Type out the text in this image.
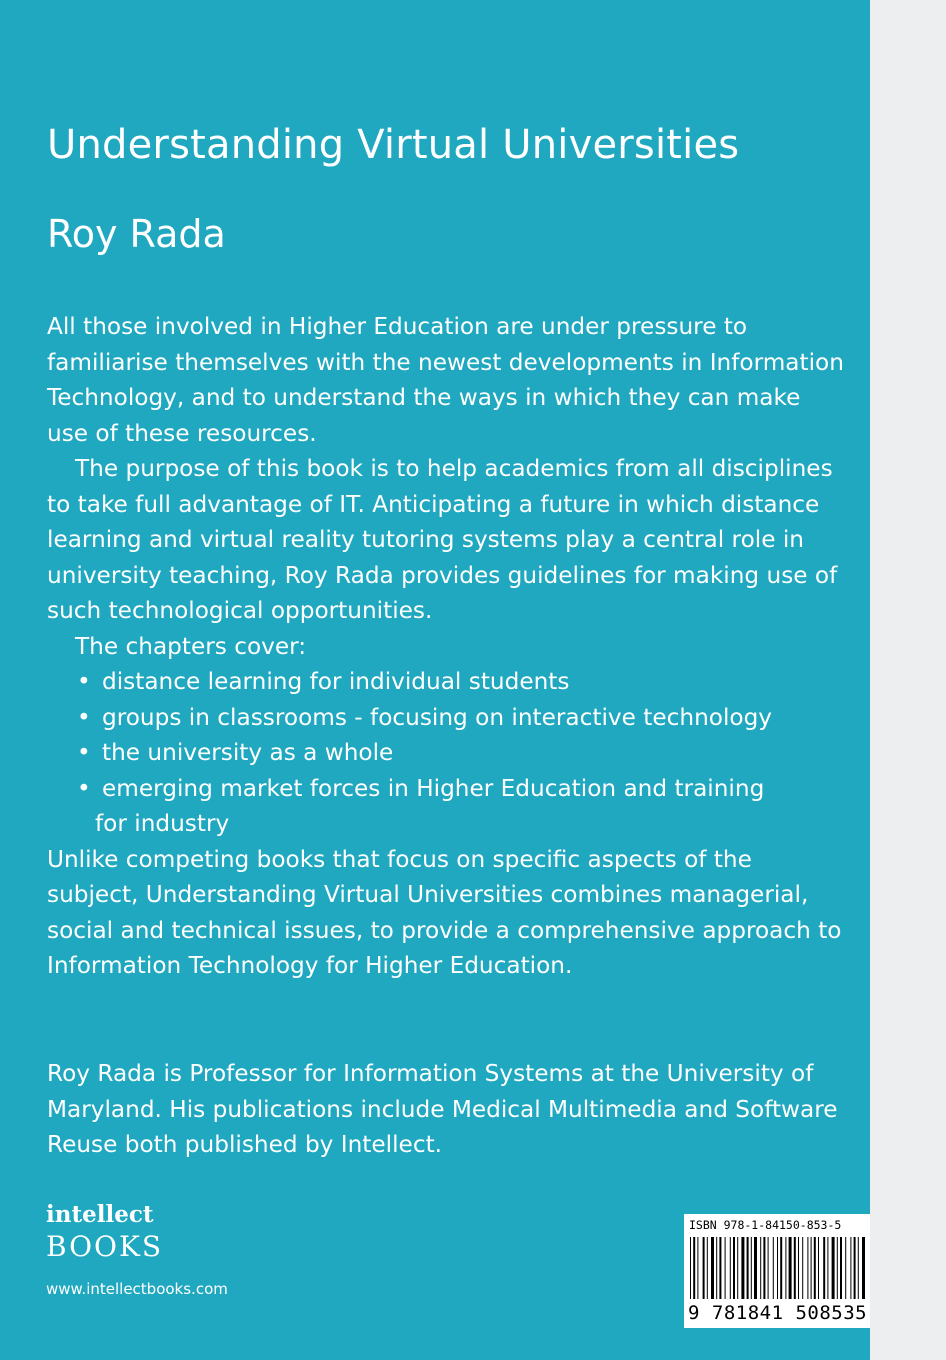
Understanding Virtual Universities
Roy Rada

All those involved in Higher Education are under pressure to familiarise themselves with the newest developments in Information Technology, and to understand the ways in which they can make use of these resources.

The purpose of this book is to help academics from all disciplines to take full advantage of IT. Anticipating a future in which distance learning and virtual reality tutoring systems play a central role in university teaching, Roy Rada provides guidelines for making use of such technological opportunities.

The chapters cover:

• distance learning for individual students
• groups in classrooms - focusing on interactive technology
• the university as a whole
• emerging market forces in Higher Education and training
for industry

Unlike competing books that focus on specific aspects of the subject, Understanding Virtual Universities combines managerial, social and technical issues, to provide a comprehensive approach to Information Technology for Higher Education.

Roy Rada is Professor for Information Systems at the University of Maryland. His publications include Medical Multimedia and Software Reuse both published by Intellect.

intellect
BOOKS
www.intellectbooks.com
ISBN 978-1-84150-853-5
9 781841 508535
